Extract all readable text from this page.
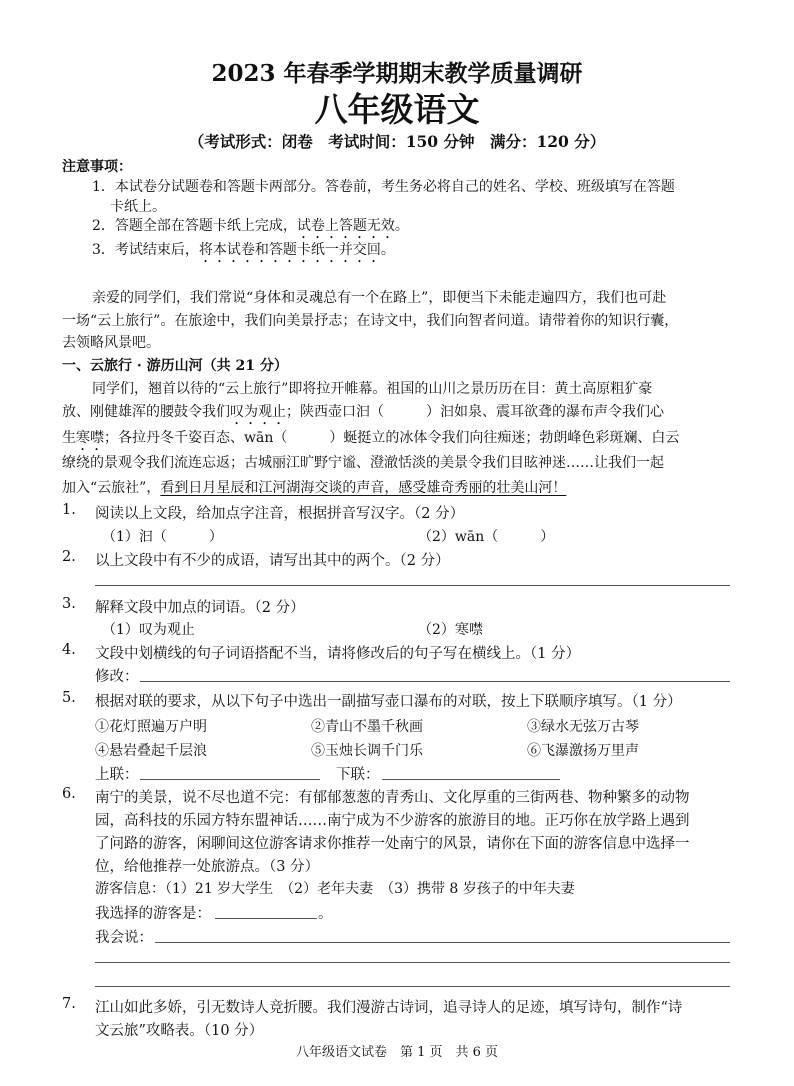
2023 年春季学期期末教学质量调研
八年级语文
（考试形式：闭卷　考试时间：150 分钟　满分：120 分）
注意事项：
1．本试卷分试题卷和答题卡两部分。答卷前，考生务必将自己的姓名、学校、班级填写在答题
卡纸上。
2．答题全部在答题卡纸上完成，试卷上答题无效。
3．考试结束后，将本试卷和答题卡纸一并交回。
亲爱的同学们，我们常说“身体和灵魂总有一个在路上”，即便当下未能走遍四方，我们也可赴
一场“云上旅行”。在旅途中，我们向美景抒志；在诗文中，我们向智者问道。请带着你的知识行囊，
去领略风景吧。
一、云旅行 · 游历山河（共 21 分）
同学们，翘首以待的“云上旅行”即将拉开帷幕。祖国的山川之景历历在目：黄土高原粗犷豪
放、刚健雄浑的腰鼓令我们叹为观止；陕西壶口汩（　　　）汩如泉、震耳欲聋的瀑布声令我们心
生寒噤；各拉丹冬千姿百态、wān（　　　）蜒挺立的冰体令我们向往痴迷；勃朗峰色彩斑斓、白云
缭绕的景观令我们流连忘返；古城丽江旷野宁谧、澄澈恬淡的美景令我们目眩神迷……让我们一起
加入“云旅社”，看到日月星辰和江河湖海交谈的声音，感受雄奇秀丽的壮美山河！
1. 阅读以上文段，给加点字注音，根据拼音写汉字。（2 分）
（1）汩（　　　）	（2）wān（　　　）
2. 以上文段中有不少的成语，请写出其中的两个。（2 分）
3. 解释文段中加点的词语。（2 分）
（1）叹为观止	（2）寒噤
4. 文段中划横线的句子词语搭配不当，请将修改后的句子写在横线上。（1 分）
修改：
5. 根据对联的要求，从以下句子中选出一副描写壶口瀑布的对联，按上下联顺序填写。（1 分）
①花灯照遍万户明	②青山不墨千秋画	③绿水无弦万古琴
④悬岩叠起千层浪	⑤玉烛长调千门乐	⑥飞瀑激扬万里声
上联：	下联：
6. 南宁的美景，说不尽也道不完：有郁郁葱葱的青秀山、文化厚重的三街两巷、物种繁多的动物
园，高科技的乐园方特东盟神话……南宁成为不少游客的旅游目的地。正巧你在放学路上遇到
了问路的游客，闲聊间这位游客请求你推荐一处南宁的风景，请你在下面的游客信息中选择一
位，给他推荐一处旅游点。（3 分）
游客信息：（1）21 岁大学生　（2）老年夫妻　（3）携带 8 岁孩子的中年夫妻
我选择的游客是：	。
我会说：
7. 江山如此多娇，引无数诗人竞折腰。我们漫游古诗词，追寻诗人的足迹，填写诗句，制作“诗
文云旅”攻略表。（10 分）
八年级语文试卷　第 1 页　共 6 页
